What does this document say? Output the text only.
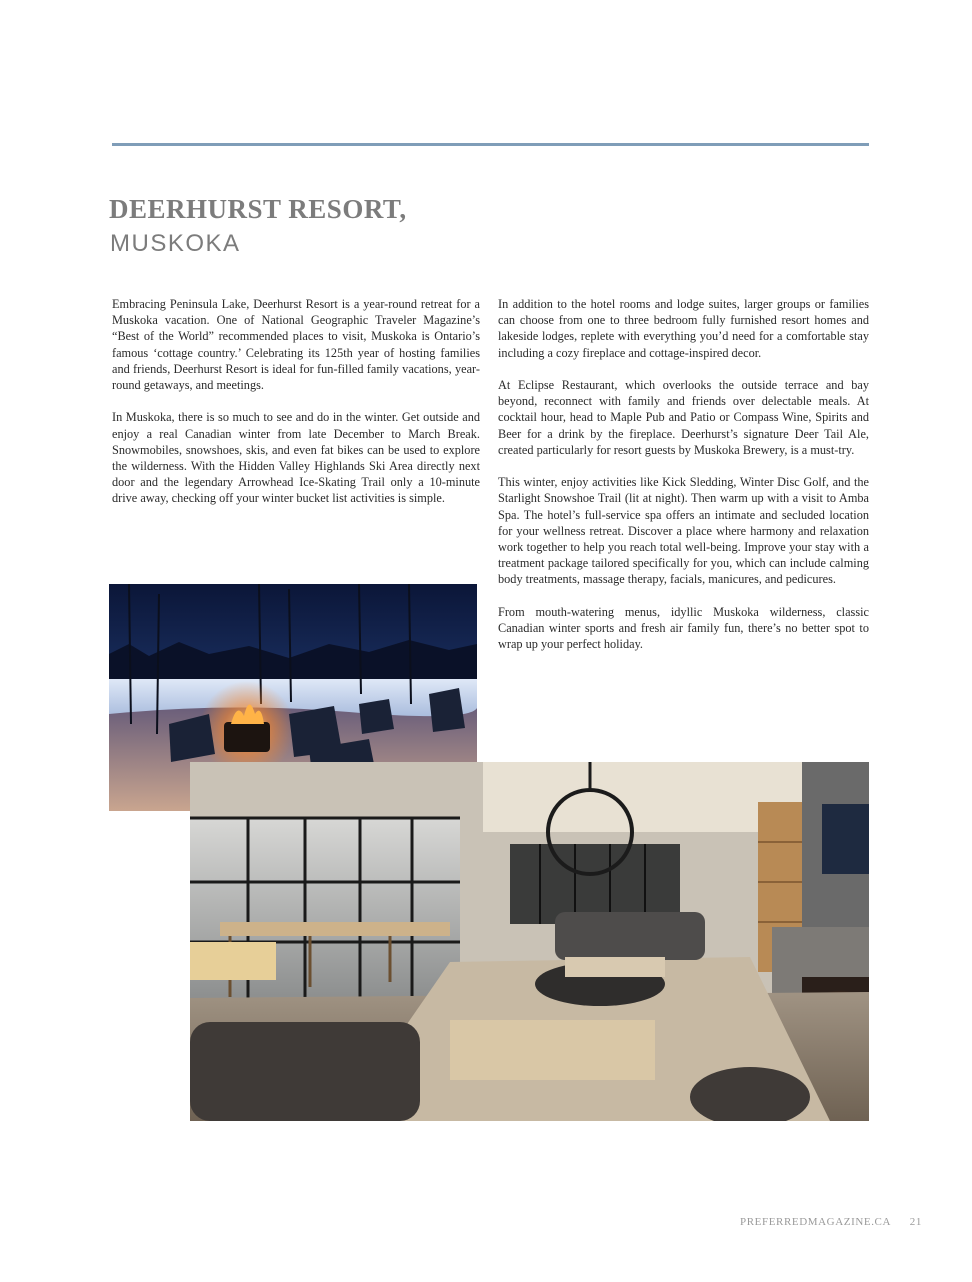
DEERHURST RESORT,
MUSKOKA

Embracing Peninsula Lake, Deerhurst Resort is a year-round retreat for a Muskoka vacation. One of National Geographic Traveler Magazine’s “Best of the World” recommended places to visit, Muskoka is Ontario’s famous ‘cottage country.’ Celebrating its 125th year of hosting families and friends, Deerhurst Resort is ideal for fun-filled family vacations, year-round getaways, and meetings.

In Muskoka, there is so much to see and do in the winter. Get outside and enjoy a real Canadian winter from late December to March Break. Snowmobiles, snowshoes, skis, and even fat bikes can be used to explore the wilderness. With the Hidden Valley Highlands Ski Area directly next door and the legendary Arrowhead Ice-Skating Trail only a 10-minute drive away, checking off your winter bucket list activities is simple.

In addition to the hotel rooms and lodge suites, larger groups or families can choose from one to three bedroom fully furnished resort homes and lakeside lodges, replete with everything you’d need for a comfortable stay including a cozy fireplace and cottage-inspired decor.

At Eclipse Restaurant, which overlooks the outside terrace and bay beyond, reconnect with family and friends over delectable meals. At cocktail hour, head to Maple Pub and Patio or Compass Wine, Spirits and Beer for a drink by the fireplace. Deerhurst’s signature Deer Tail Ale, created particularly for resort guests by Muskoka Brewery, is a must-try.

This winter, enjoy activities like Kick Sledding, Winter Disc Golf, and the Starlight Snowshoe Trail (lit at night). Then warm up with a visit to Amba Spa. The hotel’s full-service spa offers an intimate and secluded location for your wellness retreat. Discover a place where harmony and relaxation work together to help you reach total well-being. Improve your stay with a treatment package tailored specifically for you, which can include calming body treatments, massage therapy, facials, manicures, and pedicures.

From mouth-watering menus, idyllic Muskoka wilderness, classic Canadian winter sports and fresh air family fun, there’s no better spot to wrap up your perfect holiday.

PREFERREDMAGAZINE.CA 21
